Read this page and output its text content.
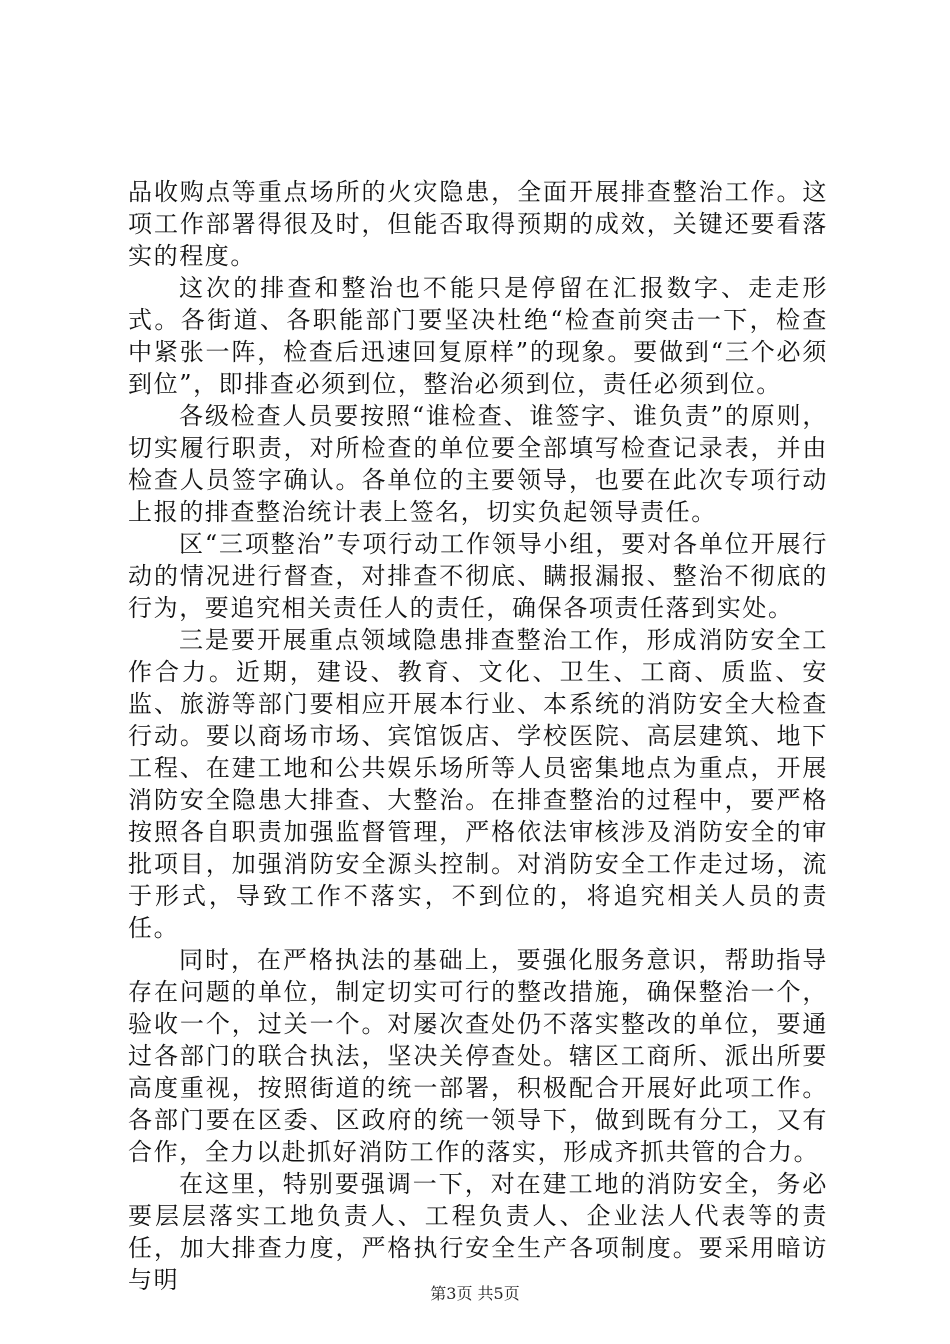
品收购点等重点场所的火灾隐患，全面开展排查整治工作。这项工作部署得很及时，但能否取得预期的成效，关键还要看落实的程度。

这次的排查和整治也不能只是停留在汇报数字、走走形式。各街道、各职能部门要坚决杜绝“检查前突击一下，检查中紧张一阵，检查后迅速回复原样”的现象。要做到“三个必须到位”，即排查必须到位，整治必须到位，责任必须到位。

各级检查人员要按照“谁检查、谁签字、谁负责”的原则，切实履行职责，对所检查的单位要全部填写检查记录表，并由检查人员签字确认。各单位的主要领导，也要在此次专项行动上报的排查整治统计表上签名，切实负起领导责任。

区“三项整治”专项行动工作领导小组，要对各单位开展行动的情况进行督查，对排查不彻底、瞒报漏报、整治不彻底的行为，要追究相关责任人的责任，确保各项责任落到实处。

三是要开展重点领域隐患排查整治工作，形成消防安全工作合力。近期，建设、教育、文化、卫生、工商、质监、安监、旅游等部门要相应开展本行业、本系统的消防安全大检查行动。要以商场市场、宾馆饭店、学校医院、高层建筑、地下工程、在建工地和公共娱乐场所等人员密集地点为重点，开展消防安全隐患大排查、大整治。在排查整治的过程中，要严格按照各自职责加强监督管理，严格依法审核涉及消防安全的审批项目，加强消防安全源头控制。对消防安全工作走过场，流于形式，导致工作不落实，不到位的，将追究相关人员的责任。

同时，在严格执法的基础上，要强化服务意识，帮助指导存在问题的单位，制定切实可行的整改措施，确保整治一个，验收一个，过关一个。对屡次查处仍不落实整改的单位，要通过各部门的联合执法，坚决关停查处。辖区工商所、派出所要高度重视，按照街道的统一部署，积极配合开展好此项工作。各部门要在区委、区政府的统一领导下，做到既有分工，又有合作，全力以赴抓好消防工作的落实，形成齐抓共管的合力。

在这里，特别要强调一下，对在建工地的消防安全，务必要层层落实工地负责人、工程负责人、企业法人代表等的责任，加大排查力度，严格执行安全生产各项制度。要采用暗访与明	第3页 共5页
